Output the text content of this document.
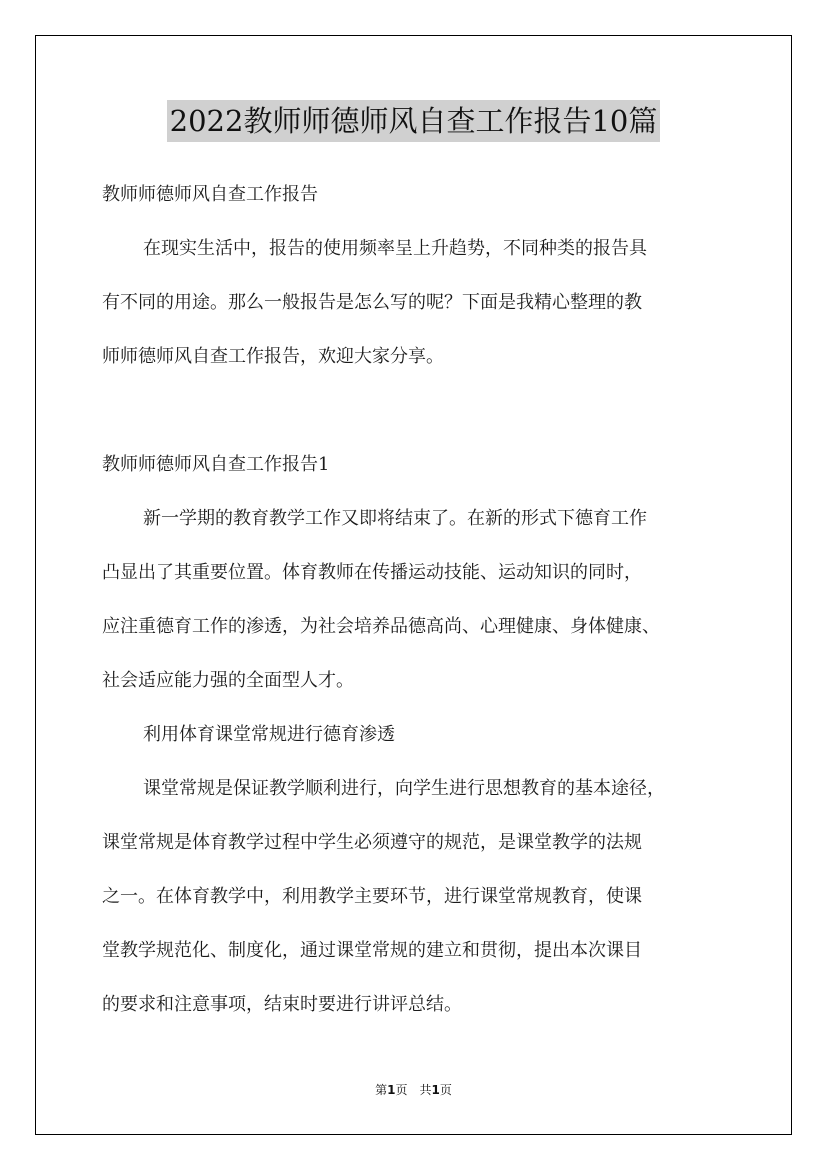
2022教师师德师风自查工作报告10篇
教师师德师风自查工作报告
在现实生活中，报告的使用频率呈上升趋势，不同种类的报告具
有不同的用途。那么一般报告是怎么写的呢？下面是我精心整理的教
师师德师风自查工作报告，欢迎大家分享。
教师师德师风自查工作报告1
新一学期的教育教学工作又即将结束了。在新的形式下德育工作
凸显出了其重要位置。体育教师在传播运动技能、运动知识的同时，
应注重德育工作的渗透，为社会培养品德高尚、心理健康、身体健康、
社会适应能力强的全面型人才。
利用体育课堂常规进行德育渗透
课堂常规是保证教学顺利进行，向学生进行思想教育的基本途径，
课堂常规是体育教学过程中学生必须遵守的规范，是课堂教学的法规
之一。在体育教学中，利用教学主要环节，进行课堂常规教育，使课
堂教学规范化、制度化，通过课堂常规的建立和贯彻，提出本次课目
的要求和注意事项，结束时要进行讲评总结。
第1页 共1页
